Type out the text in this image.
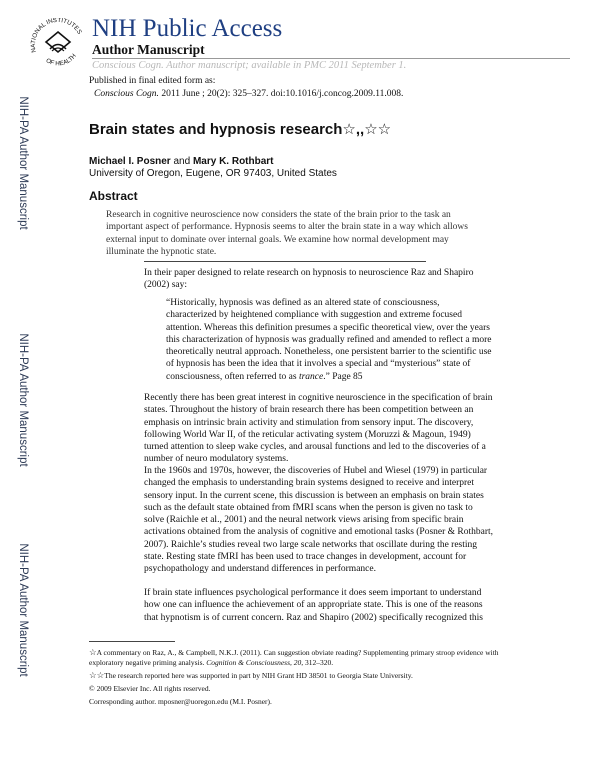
NATIONAL INSTITUTES
OF HEALTH
NIH Public Access
Author Manuscript
Conscious Cogn. Author manuscript; available in PMC 2011 September 1.
NIH-PA Author Manuscript
NIH-PA Author Manuscript
NIH-PA Author Manuscript
Published in final edited form as:
Conscious Cogn. 2011 June ; 20(2): 325–327. doi:10.1016/j.concog.2009.11.008.
Brain states and hypnosis research☆,,☆☆
Michael I. Posner and Mary K. Rothbart
University of Oregon, Eugene, OR 97403, United States
Abstract
Research in cognitive neuroscience now considers the state of the brain prior to the task an important aspect of performance. Hypnosis seems to alter the brain state in a way which allows external input to dominate over internal goals. We examine how normal development may illuminate the hypnotic state.
In their paper designed to relate research on hypnosis to neuroscience Raz and Shapiro (2002) say:
“Historically, hypnosis was defined as an altered state of consciousness, characterized by heightened compliance with suggestion and extreme focused attention. Whereas this definition presumes a specific theoretical view, over the years this characterization of hypnosis was gradually refined and amended to reflect a more theoretically neutral approach. Nonetheless, one persistent barrier to the scientific use of hypnosis has been the idea that it involves a special and “mysterious” state of consciousness, often referred to as trance.” Page 85
Recently there has been great interest in cognitive neuroscience in the specification of brain states. Throughout the history of brain research there has been competition between an emphasis on intrinsic brain activity and stimulation from sensory input. The discovery, following World War II, of the reticular activating system (Moruzzi & Magoun, 1949) turned attention to sleep wake cycles, and arousal functions and led to the discoveries of a number of neuro modulatory systems.
In the 1960s and 1970s, however, the discoveries of Hubel and Wiesel (1979) in particular changed the emphasis to understanding brain systems designed to receive and interpret sensory input. In the current scene, this discussion is between an emphasis on brain states such as the default state obtained from fMRI scans when the person is given no task to solve (Raichle et al., 2001) and the neural network views arising from specific brain activations obtained from the analysis of cognitive and emotional tasks (Posner & Rothbart, 2007). Raichle’s studies reveal two large scale networks that oscillate during the resting state. Resting state fMRI has been used to trace changes in development, account for psychopathology and understand differences in performance.
If brain state influences psychological performance it does seem important to understand how one can influence the achievement of an appropriate state. This is one of the reasons that hypnotism is of current concern. Raz and Shapiro (2002) specifically recognized this
☆A commentary on Raz, A., & Campbell, N.K.J. (2011). Can suggestion obviate reading? Supplementing primary stroop evidence with exploratory negative priming analysis. Cognition & Consciousness, 20, 312–320.
☆☆The research reported here was supported in part by NIH Grant HD 38501 to Georgia State University.
© 2009 Elsevier Inc. All rights reserved.
Corresponding author. mposner@uoregon.edu (M.I. Posner).
